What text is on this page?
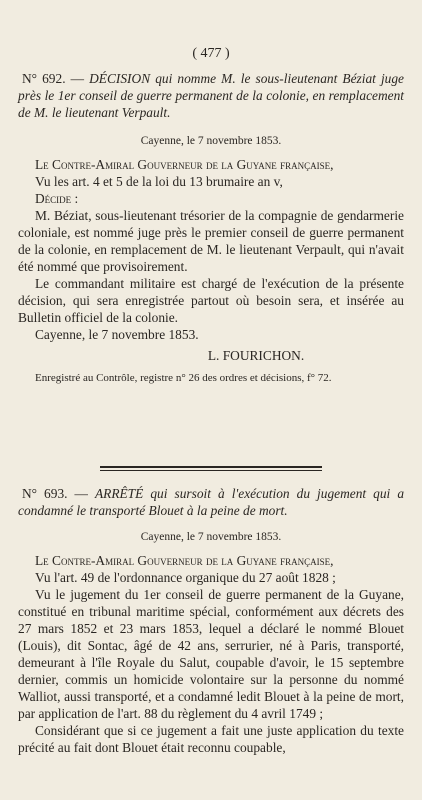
( 477 )

N° 692. — DÉCISION qui nomme M. le sous-lieutenant Béziat juge près le 1er conseil de guerre permanent de la colonie, en remplacement de M. le lieutenant Verpault.

Cayenne, le 7 novembre 1853.

Le Contre-Amiral Gouverneur de la Guyane française,

Vu les art. 4 et 5 de la loi du 13 brumaire an v,

Décide :

M. Béziat, sous-lieutenant trésorier de la compagnie de gendarmerie coloniale, est nommé juge près le premier conseil de guerre permanent de la colonie, en remplacement de M. le lieutenant Verpault, qui n'avait été nommé que provisoirement.

Le commandant militaire est chargé de l'exécution de la présente décision, qui sera enregistrée partout où besoin sera, et insérée au Bulletin officiel de la colonie.

Cayenne, le 7 novembre 1853.

L. FOURICHON.

Enregistré au Contrôle, registre n° 26 des ordres et décisions, f° 72.

N° 693. — ARRÊTÉ qui sursoit à l'exécution du jugement qui a condamné le transporté Blouet à la peine de mort.

Cayenne, le 7 novembre 1853.

Le Contre-Amiral Gouverneur de la Guyane française,

Vu l'art. 49 de l'ordonnance organique du 27 août 1828 ;

Vu le jugement du 1er conseil de guerre permanent de la Guyane, constitué en tribunal maritime spécial, conformément aux décrets des 27 mars 1852 et 23 mars 1853, lequel a déclaré le nommé Blouet (Louis), dit Sontac, âgé de 42 ans, serrurier, né à Paris, transporté, demeurant à l'île Royale du Salut, coupable d'avoir, le 15 septembre dernier, commis un homicide volontaire sur la personne du nommé Walliot, aussi transporté, et a condamné ledit Blouet à la peine de mort, par application de l'art. 88 du règlement du 4 avril 1749 ;

Considérant que si ce jugement a fait une juste application du texte précité au fait dont Blouet était reconnu coupable,
